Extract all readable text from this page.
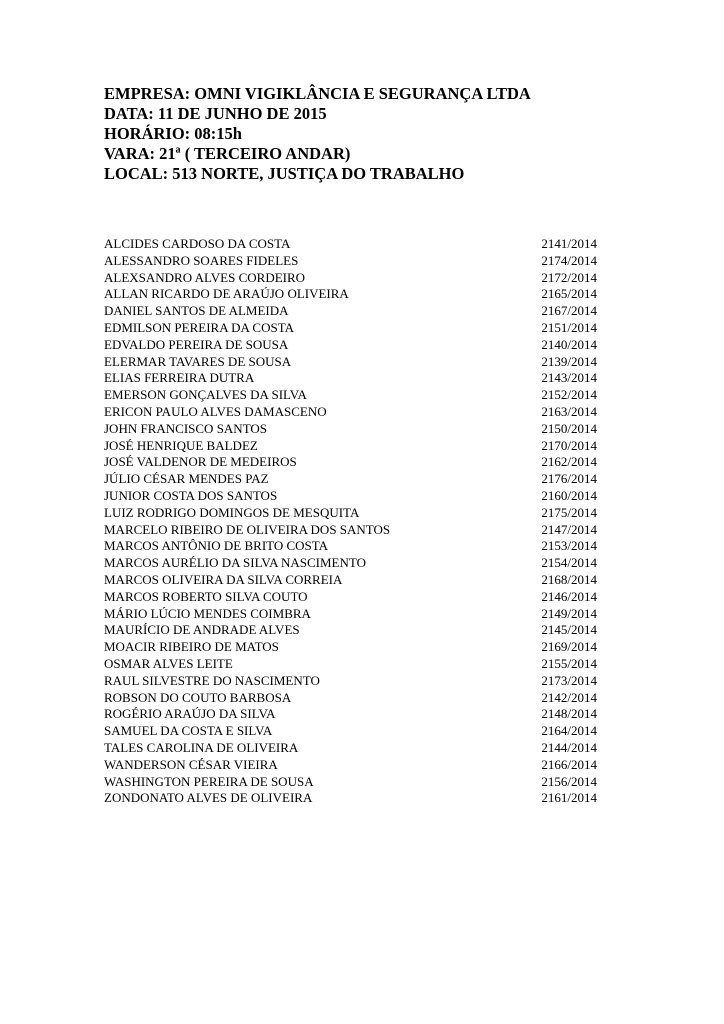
EMPRESA: OMNI VIGIKLÂNCIA E SEGURANÇA LTDA

DATA: 11 DE JUNHO DE 2015

HORÁRIO: 08:15h

VARA: 21ª ( TERCEIRO ANDAR)

LOCAL: 513 NORTE, JUSTIÇA DO TRABALHO

ALCIDES CARDOSO DA COSTA	2141/2014
ALESSANDRO SOARES FIDELES	2174/2014
ALEXSANDRO ALVES CORDEIRO	2172/2014
ALLAN RICARDO DE ARAÚJO OLIVEIRA	2165/2014
DANIEL SANTOS DE ALMEIDA	2167/2014
EDMILSON PEREIRA DA COSTA	2151/2014
EDVALDO PEREIRA DE SOUSA	2140/2014
ELERMAR TAVARES DE SOUSA	2139/2014
ELIAS FERREIRA DUTRA	2143/2014
EMERSON GONÇALVES DA SILVA	2152/2014
ERICON PAULO ALVES DAMASCENO	2163/2014
JOHN FRANCISCO SANTOS	2150/2014
JOSÉ HENRIQUE BALDEZ	2170/2014
JOSÉ VALDENOR DE MEDEIROS	2162/2014
JÚLIO CÉSAR MENDES PAZ	2176/2014
JUNIOR COSTA DOS SANTOS	2160/2014
LUIZ RODRIGO DOMINGOS DE MESQUITA	2175/2014
MARCELO RIBEIRO DE OLIVEIRA DOS SANTOS	2147/2014
MARCOS ANTÔNIO DE BRITO COSTA	2153/2014
MARCOS AURÉLIO DA SILVA NASCIMENTO	2154/2014
MARCOS OLIVEIRA DA SILVA CORREIA	2168/2014
MARCOS ROBERTO SILVA COUTO	2146/2014
MÁRIO LÚCIO MENDES COIMBRA	2149/2014
MAURÍCIO DE ANDRADE ALVES	2145/2014
MOACIR RIBEIRO DE MATOS	2169/2014
OSMAR ALVES LEITE	2155/2014
RAUL SILVESTRE DO NASCIMENTO	2173/2014
ROBSON DO COUTO BARBOSA	2142/2014
ROGÉRIO ARAÚJO DA SILVA	2148/2014
SAMUEL DA COSTA E SILVA	2164/2014
TALES CAROLINA DE OLIVEIRA	2144/2014
WANDERSON CÉSAR VIEIRA	2166/2014
WASHINGTON PEREIRA DE SOUSA	2156/2014
ZONDONATO ALVES DE OLIVEIRA	2161/2014
